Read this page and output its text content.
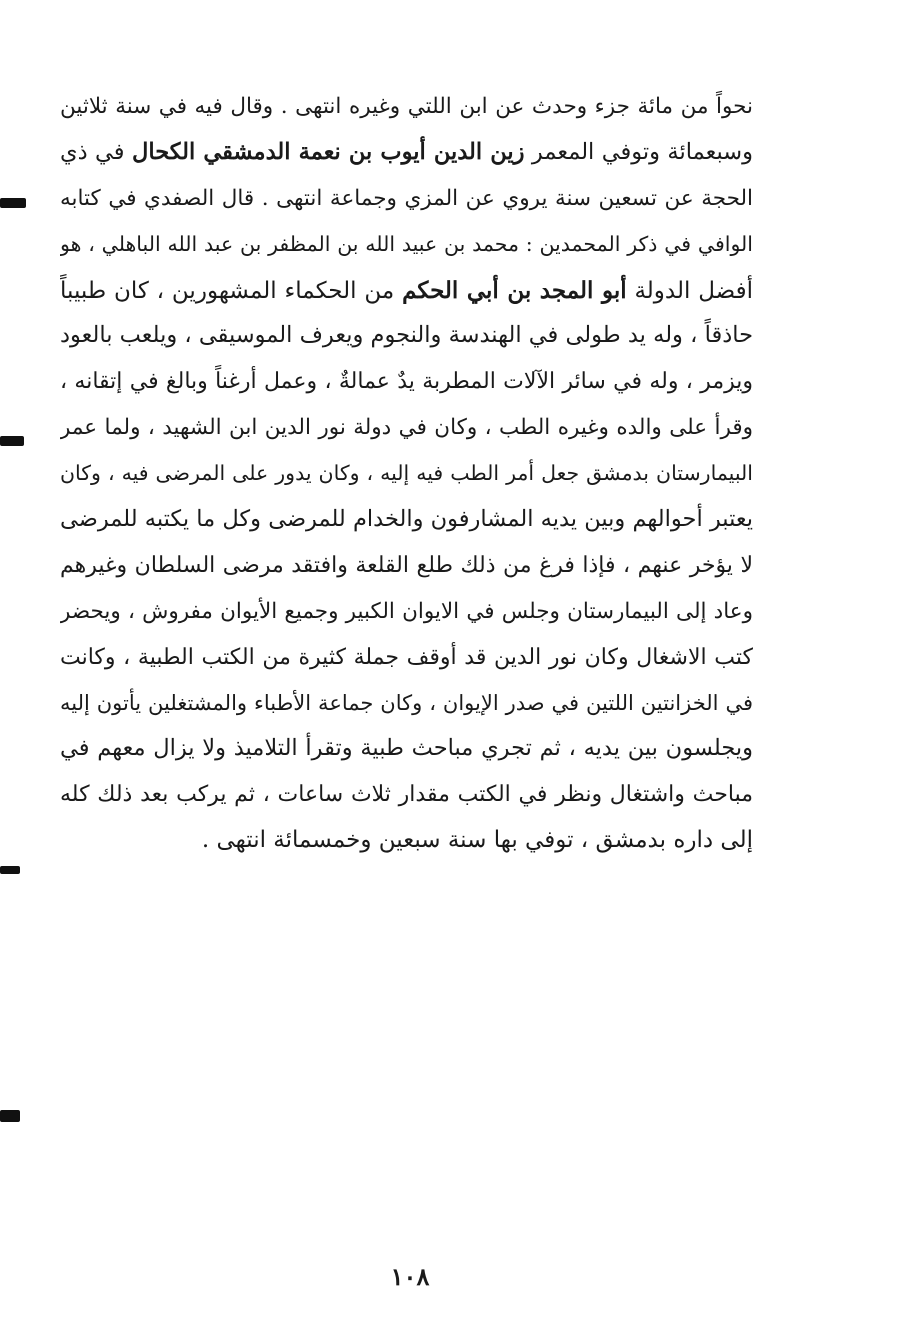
نحواً من مائة جزء وحدث عن ابن اللتي وغيره انتهى . وقال فيه في سنة ثلاثين
وسبعمائة وتوفي المعمر زين الدين أيوب بن نعمة الدمشقي الكحال في ذي
الحجة عن تسعين سنة يروي عن المزي وجماعة انتهى . قال الصفدي في كتابه
الوافي في ذكر المحمدين : محمد بن عبيد الله بن المظفر بن عبد الله الباهلي ، هو
أفضل الدولة أبو المجد بن أبي الحكم من الحكماء المشهورين ، كان طبيباً
حاذقاً ، وله يد طولى في الهندسة والنجوم ويعرف الموسيقى ، ويلعب بالعود
ويزمر ، وله في سائر الآلات المطربة يدٌ عمالةٌ ، وعمل أرغناً وبالغ في إتقانه ،
وقرأ على والده وغيره الطب ، وكان في دولة نور الدين ابن الشهيد ، ولما عمر
البيمارستان بدمشق جعل أمر الطب فيه إليه ، وكان يدور على المرضى فيه ، وكان
يعتبر أحوالهم وبين يديه المشارفون والخدام للمرضى وكل ما يكتبه للمرضى
لا يؤخر عنهم ، فإذا فرغ من ذلك طلع القلعة وافتقد مرضى السلطان وغيرهم
وعاد إلى البيمارستان وجلس في الايوان الكبير وجميع الأيوان مفروش ، ويحضر
كتب الاشغال وكان نور الدين قد أوقف جملة كثيرة من الكتب الطبية ، وكانت
في الخزانتين اللتين في صدر الإيوان ، وكان جماعة الأطباء والمشتغلين يأتون إليه
ويجلسون بين يديه ، ثم تجري مباحث طبية وتقرأ التلاميذ ولا يزال معهم في
مباحث واشتغال ونظر في الكتب مقدار ثلاث ساعات ، ثم يركب بعد ذلك كله
إلى داره بدمشق ، توفي بها سنة سبعين وخمسمائة انتهى .
١٠٨
